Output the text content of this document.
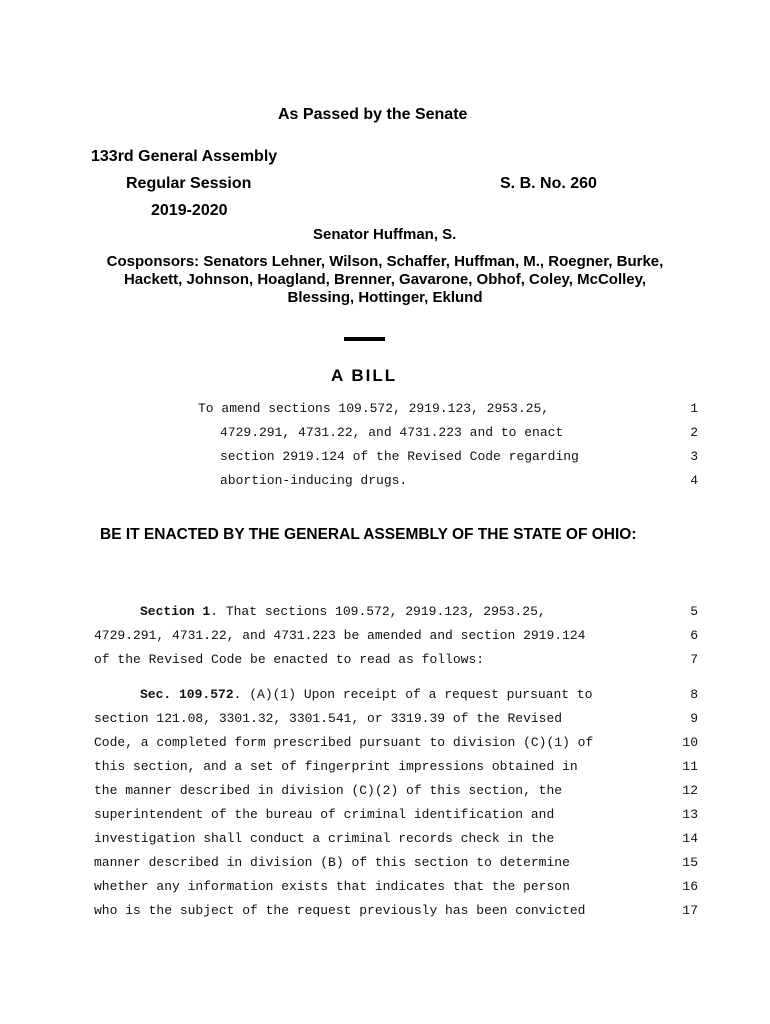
As Passed by the Senate
133rd General Assembly
Regular Session	S. B. No. 260
2019-2020
Senator Huffman, S.
Cosponsors: Senators Lehner, Wilson, Schaffer, Huffman, M., Roegner, Burke,
Hackett, Johnson, Hoagland, Brenner, Gavarone, Obhof, Coley, McColley,
Blessing, Hottinger, Eklund
A BILL
To amend sections 109.572, 2919.123, 2953.25,	1
4729.291, 4731.22, and 4731.223 and to enact	2
section 2919.124 of the Revised Code regarding	3
abortion-inducing drugs.	4
BE IT ENACTED BY THE GENERAL ASSEMBLY OF THE STATE OF OHIO:
Section 1. That sections 109.572, 2919.123, 2953.25,	5
4729.291, 4731.22, and 4731.223 be amended and section 2919.124	6
of the Revised Code be enacted to read as follows:	7
Sec. 109.572. (A)(1) Upon receipt of a request pursuant to	8
section 121.08, 3301.32, 3301.541, or 3319.39 of the Revised	9
Code, a completed form prescribed pursuant to division (C)(1) of	10
this section, and a set of fingerprint impressions obtained in	11
the manner described in division (C)(2) of this section, the	12
superintendent of the bureau of criminal identification and	13
investigation shall conduct a criminal records check in the	14
manner described in division (B) of this section to determine	15
whether any information exists that indicates that the person	16
who is the subject of the request previously has been convicted	17
